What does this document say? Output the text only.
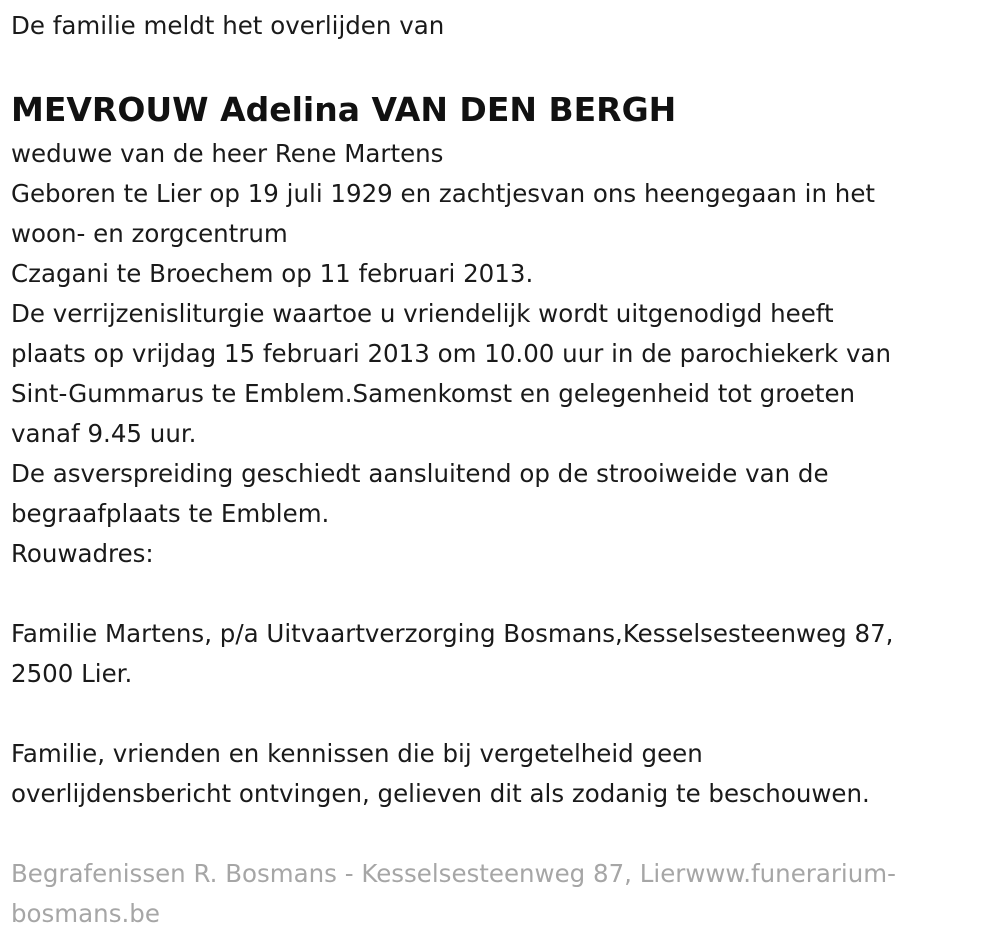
De familie meldt het overlijden van

MEVROUW Adelina VAN DEN BERGH

weduwe van de heer Rene Martens

Geboren te Lier op 19 juli 1929 en zachtjesvan ons heengegaan in het

woon- en zorgcentrum

Czagani te Broechem op 11 februari 2013.

De verrijzenisliturgie waartoe u vriendelijk wordt uitgenodigd heeft

plaats op vrijdag 15 februari 2013 om 10.00 uur in de parochiekerk van

Sint-Gummarus te Emblem.Samenkomst en gelegenheid tot groeten

vanaf 9.45 uur.

De asverspreiding geschiedt aansluitend op de strooiweide van de

begraafplaats te Emblem.

Rouwadres:

Familie Martens, p/a Uitvaartverzorging Bosmans,Kesselsesteenweg 87,

2500 Lier.

Familie, vrienden en kennissen die bij vergetelheid geen

overlijdensbericht ontvingen, gelieven dit als zodanig te beschouwen.

Begrafenissen R. Bosmans - Kesselsesteenweg 87, Lierwww.funerarium-

bosmans.be
